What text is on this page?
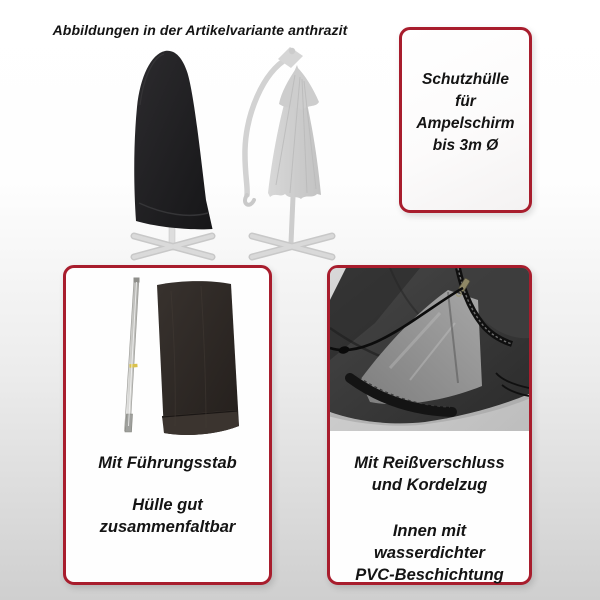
Abbildungen in der Artikelvariante anthrazit
Schutzhülle
für
Ampelschirm
bis 3m Ø
Mit Führungsstab
Hülle gut
zusammenfaltbar
Mit Reißverschluss
und Kordelzug
Innen mit
wasserdichter
PVC-Beschichtung
